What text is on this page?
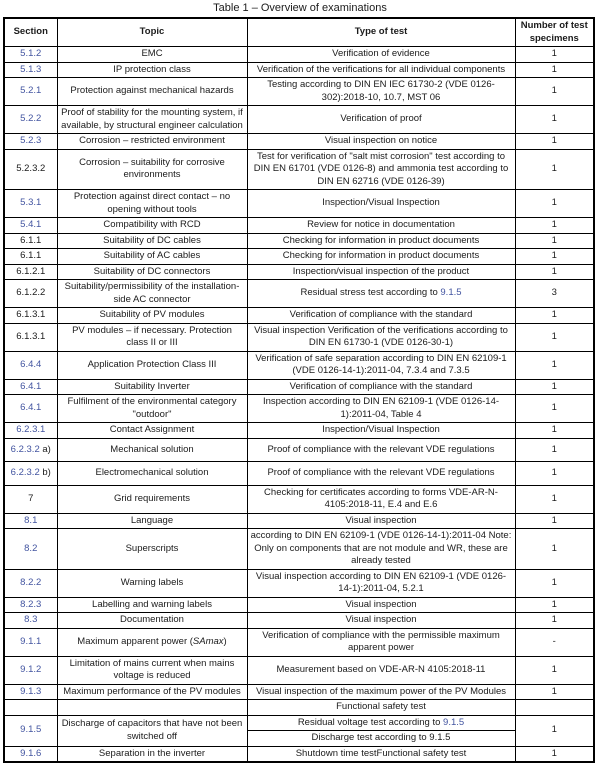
Table 1 – Overview of examinations
Section	Topic	Type of test	Number of test specimens
5.1.2	EMC	Verification of evidence	1
5.1.3	IP protection class	Verification of the verifications for all individual components	1
5.2.1	Protection against mechanical hazards	Testing according to DIN EN IEC 61730-2 (VDE 0126-302):2018-10, 10.7, MST 06	1
5.2.2	Proof of stability for the mounting system, if available, by structural engineer calculation	Verification of proof	1
5.2.3	Corrosion – restricted environment	Visual inspection on notice	1
5.2.3.2	Corrosion – suitability for corrosive environments	Test for verification of "salt mist corrosion" test according to DIN EN 61701 (VDE 0126-8) and ammonia test according to DIN EN 62716 (VDE 0126-39)	1
5.3.1	Protection against direct contact – no opening without tools	Inspection/Visual Inspection	1
5.4.1	Compatibility with RCD	Review for notice in documentation	1
6.1.1	Suitability of DC cables	Checking for information in product documents	1
6.1.1	Suitability of AC cables	Checking for information in product documents	1
6.1.2.1	Suitability of DC connectors	Inspection/visual inspection of the product	1
6.1.2.2	Suitability/permissibility of the installation-side AC connector	Residual stress test according to 9.1.5	3
6.1.3.1	Suitability of PV modules	Verification of compliance with the standard	1
6.1.3.1	PV modules – if necessary. Protection class II or III	Visual inspection Verification of the verifications according to DIN EN 61730-1 (VDE 0126-30-1)	1
6.4.4	Application Protection Class III	Verification of safe separation according to DIN EN 62109-1 (VDE 0126-14-1):2011-04, 7.3.4 and 7.3.5	1
6.4.1	Suitability Inverter	Verification of compliance with the standard	1
6.4.1	Fulfilment of the environmental category "outdoor"	Inspection according to DIN EN 62109-1 (VDE 0126-14-1):2011-04, Table 4	1
6.2.3.1	Contact Assignment	Inspection/Visual Inspection	1
6.2.3.2 a)	Mechanical solution	Proof of compliance with the relevant VDE regulations	1
6.2.3.2 b)	Electromechanical solution	Proof of compliance with the relevant VDE regulations	1
7	Grid requirements	Checking for certificates according to forms VDE-AR-N-4105:2018-11, E.4 and E.6	1
8.1	Language	Visual inspection	1
8.2	Superscripts	according to DIN EN 62109-1 (VDE 0126-14-1):2011-04 Note: Only on components that are not module and WR, these are already tested	1
8.2.2	Warning labels	Visual inspection according to DIN EN 62109-1 (VDE 0126-14-1):2011-04, 5.2.1	1
8.2.3	Labelling and warning labels	Visual inspection	1
8.3	Documentation	Visual inspection	1
9.1.1	Maximum apparent power (SAmax)	Verification of compliance with the permissible maximum apparent power	-
9.1.2	Limitation of mains current when mains voltage is reduced	Measurement based on VDE-AR-N 4105:2018-11	1
9.1.3	Maximum performance of the PV modules	Visual inspection of the maximum power of the PV Modules	1
		Functional safety test	
9.1.5	Discharge of capacitors that have not been switched off	Residual voltage test according to 9.1.5	1
		Discharge test according to 9.1.5	
9.1.6	Separation in the inverter	Shutdown time testFunctional safety test	1
